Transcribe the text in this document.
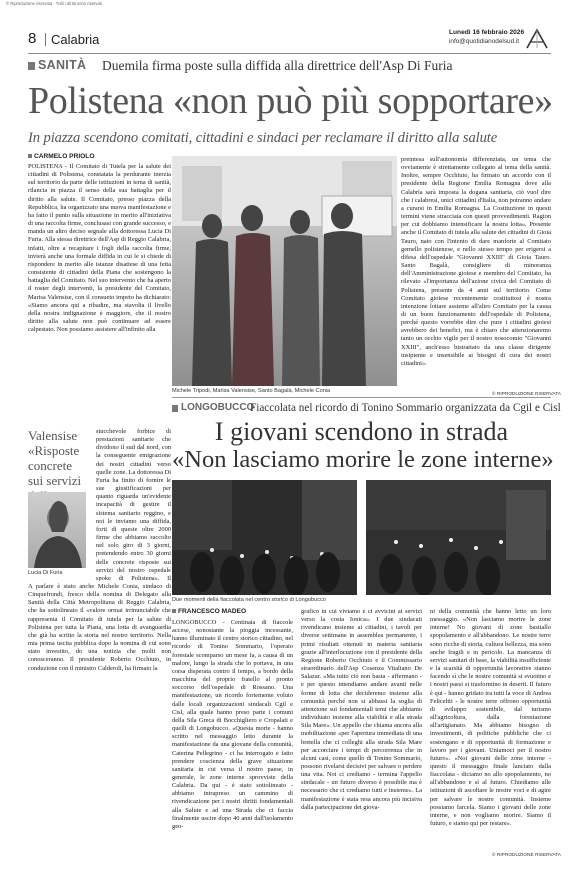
© Riproduzione riservata · Tutti i diritti sono riservati
8 Calabria	Lunedì 16 febbraio 2026
info@quotidianodelsud.it
SANITÀ Duemila firma poste sulla diffida alla direttrice dell'Asp Di Furia
Polistena «non può più sopportare»
In piazza scendono comitati, cittadini e sindaci per reclamare il diritto alla salute
CARMELO PRIOLO

POLISTENA - Il Comitato di Tutela per la salute dei cittadini di Polistena, constatata la perdurante inerzia sul territorio da parte delle istituzioni in tema di sanità, rilancia in piazza il senso della sua battaglia per il diritto alla salute. Il Comitato, presso piazza della Repubblica, ha organizzato una nuova manifestazione e ha fatto il punto sulla situazione in merito all'iniziativa di una raccolta firme, conclusasi con grande successo, e manda un altro deciso segnale alla dottoressa Lucia Di Furia. Alla stessa direttrice dell'Asp di Reggio Calabria, infatti, oltre a recapitare i fogli della raccolta firme, invierà anche una formale diffida in cui le si chiede di rispondere in merito alle istanze disattese di una fetta consistente di cittadini della Piana che sostengono la battaglia del Comitato. Nel suo intervento che ha aperto il roster degli interventi, la presidente del Comitato, Marisa Valensise, con il consueto impeto ha dichiarato: «Siamo ancora qui a ribadire, ma stavolta il livello della nostra indignazione è maggiore, che il nostro diritto alla salute non può continuare ad essere calpestato. Non possiamo assistere all'infinito alla

Valensise
«Risposte concrete sui servizi
Lucia Di Furia

stucchevole forbice di prestazioni sanitarie che dividono il sud dal nord, con la conseguente emigrazione dei nostri cittadini verso quelle zone. La dottoressa Di Furia ha finito di fornire le sue giustificazioni per quanto riguarda un'evidente incapacità di gestire il sistema sanitario reggino, e noi le inviamo una diffida, forti di queste oltre 2000 firme che abbiamo raccolto nel solo giro di 3 giorni, pretendendo entro 30 giorni delle concrete risposte sui servizi del nostro ospedale spoke di Polistena». Il

A parlare è stato anche Michele Conia, sindaco di Cinquefrondi, fresco della nomina di Delegato alla Sanità della Città Metropolitana di Reggio Calabria, che ha sottolineato il «valore ormai irrinunciabile che rappresenta il Comitato di tutela per la salute di Polistena per tutta la Piana, una lotta di avanguardia che già ha scritto la storia nel nostro territorio. Nella mia prima uscita pubblica dopo la nomina di cui sono stato investito, do una notizia che molti non conosceranno. Il presidente Roberto Occhiuto, in conduzione con il ministro Calderoli, ha firmato la

Michele Tripodi, Marisa Valensise, Santo Bagalà, Michele Conia

preintesa sull'autonomia differenziata, un tema che ovviamente è strettamente collegato al tema della sanità. Inoltre, sempre Occhiuto, ha firmato un accordo con il presidente della Regione Emilia Romagna dove alla Calabria sarà imposta la dogana sanitaria, ciò vuol dire che i calabresi, unici cittadini d'Italia, non potranno andare a curarsi in Emilia Romagna. La Costituzione in questi termini viene stracciata con questi provvedimenti. Ragion per cui dobbiamo intensificare la nostra lotta». Presente anche il Comitato di tutela alla salute dei cittadini di Gioia Tauro, nato con l'intento di dare manforte al Comitato gemello polistenese, e nello stesso tempo per erigersi a difesa dell'ospedale "Giovanni XXIII" di Gioia Tauro. Santo Bagalà, consigliere di minoranza dell'Amministrazione gioiese e membro del Comitato, ha rilevato «l'importanza dell'azione civica del Comitato di Polistena, presente da 4 anni sul territorio. Come Comitato gioiese recentemente costituitosi è nostra intenzione lottare assieme all'altro Comitato per la causa di un buon funzionamento dell'ospedale di Polistena, perché questo vorrebbe dire che pure i cittadini gioiesi avrebbero dei benefici, ma è chiaro che attenzionaremo tanto un occhio vigile per il nostro nosocomio "Giovanni XXIII", anch'esso bistrattato da una classe dirigente insipiente e insensibile ai bisogni di cura dei nostri cittadini».

© RIPRODUZIONE RISERVATA
LONGOBUCCO
Fiaccolata nel ricordo di Tonino Sommario organizzata da Cgil e Cisl
I giovani scendono in strada
«Non lasciamo morire le zone interne»
Due momenti della fiaccolata nel centro storico di Longobucco
FRANCESCO MADEO

LONGOBUCCO - Centinaia di fiaccole accese, nonostante la pioggia incessante, hanno illuminato il centro storico cittadino, nel ricordo di Tonino Sommario, l'operaio forestale scomparso un mese fa, a causa di un malore, lungo la strada che lo portava, in una corsa disperata contro il tempo, a bordo della macchina del proprio fratello al pronto soccorso dell'ospedale di Rossano. Una manifestazione, un ricordo fortemente voluto dalle locali organizzazioni sindacali Cgil e Cisl, alla quale hanno preso parte i comuni della Sila Greca di Bocchigliero e Cropalati e quelli di Longobucco. «Questa morte - hanno scritto nel messaggio letto durante la manifestazione da una giovane della comunità, Caterina Pellegrino - ci ha interrogato e fatto prendere coscienza della grave situazione sanitaria in cui versa il nostro paese, in generale, le zone interne sprovviste della Calabria. Da qui - è stato sottolineato - abbiamo intrapreso un cammino di rivendicazione per i nostri diritti fondamentali alla Salute e ad una Strada che ci faccia finalmente uscire dopo 40 anni dall'isolamento geo-

grafico in cui viviamo e ci avvicini ai servizi verso la costa Ionica». I due sindacati rivendicano insieme ai cittadini, i tavoli per diverse settimane in assemblea permanente, i primi risultati ottenuti in materia sanitaria grazie all'interlocuzione con il presidente della Regione Roberto Occhiuto e il Commissario straordinario dell'Asp Cosenza Vitaliano De Salazar. «Ma tutto ciò non basta - affermano - e per questo intendiamo andare avanti nelle forme di lotta che decideremo insieme alla comunità perché non si abbassi la soglia di attenzione sui fondamentali temi che abbiamo individuato insieme alla viabilità e alla strada Sila Mare». Un appello che chiama ancora alla mobilitazione «per l'apertura immediata di una bretella che ci colleghi alla strada Sila Mare per accorciare i tempi di percorrenza che in alcuni casi, come quello di Tonino Sommario, possono rivelarsi decisivi per salvare o perdere una vita. Noi ci crediamo - termina l'appello sindacale - un futuro diverso è possibile ma è necessario che ci crediamo tutti e insieme». La manifestazione è stata resa ancora più incisiva dalla partecipazione dei giova-

ni della comunità che hanno letto un loro messaggio. «Non lasciamo morire le zone interne! No giovani di zone bastiallo spopolamento e all'abbandono. Le nostre terre sono ricche di storia, cultura bellezza, ma sono anche fragili e in pericolo. La mancanza di servizi sanitari di base, la viabilità insufficiente e la scarsità di opportunità lavorative stanno facendo sì che le nostre comunità si svuotino e i nostri paesi si trasformino in deserti. Il futuro è qui - hanno gridato tra tutti la voce di Andrea Feliceltti - le nostre terre offrono opportunità di sviluppo sostenibile, dal turismo all'agricoltura, dalla forestazione all'artigianato. Ma abbiamo bisogno di investimenti, di politiche pubbliche che ci sostengano e di opportunità di formazione e lavoro per i giovani. Uniamoci per il nostro futuro». «Noi giovani delle zone interne - questo il messaggio finale lanciato dalla fiaccolata - diciamo no allo spopolamento, no all'abbandono e sì al futuro. Chiediamo alle istituzioni di ascoltare le nostre voci e di agire per salvare le nostre comunità. Insieme possiamo farcela. Siamo i giovani delle zone interne, e non vogliamo morire. Siamo il futuro, e siamo qui per restare».

© RIPRODUZIONE RISERVATA
